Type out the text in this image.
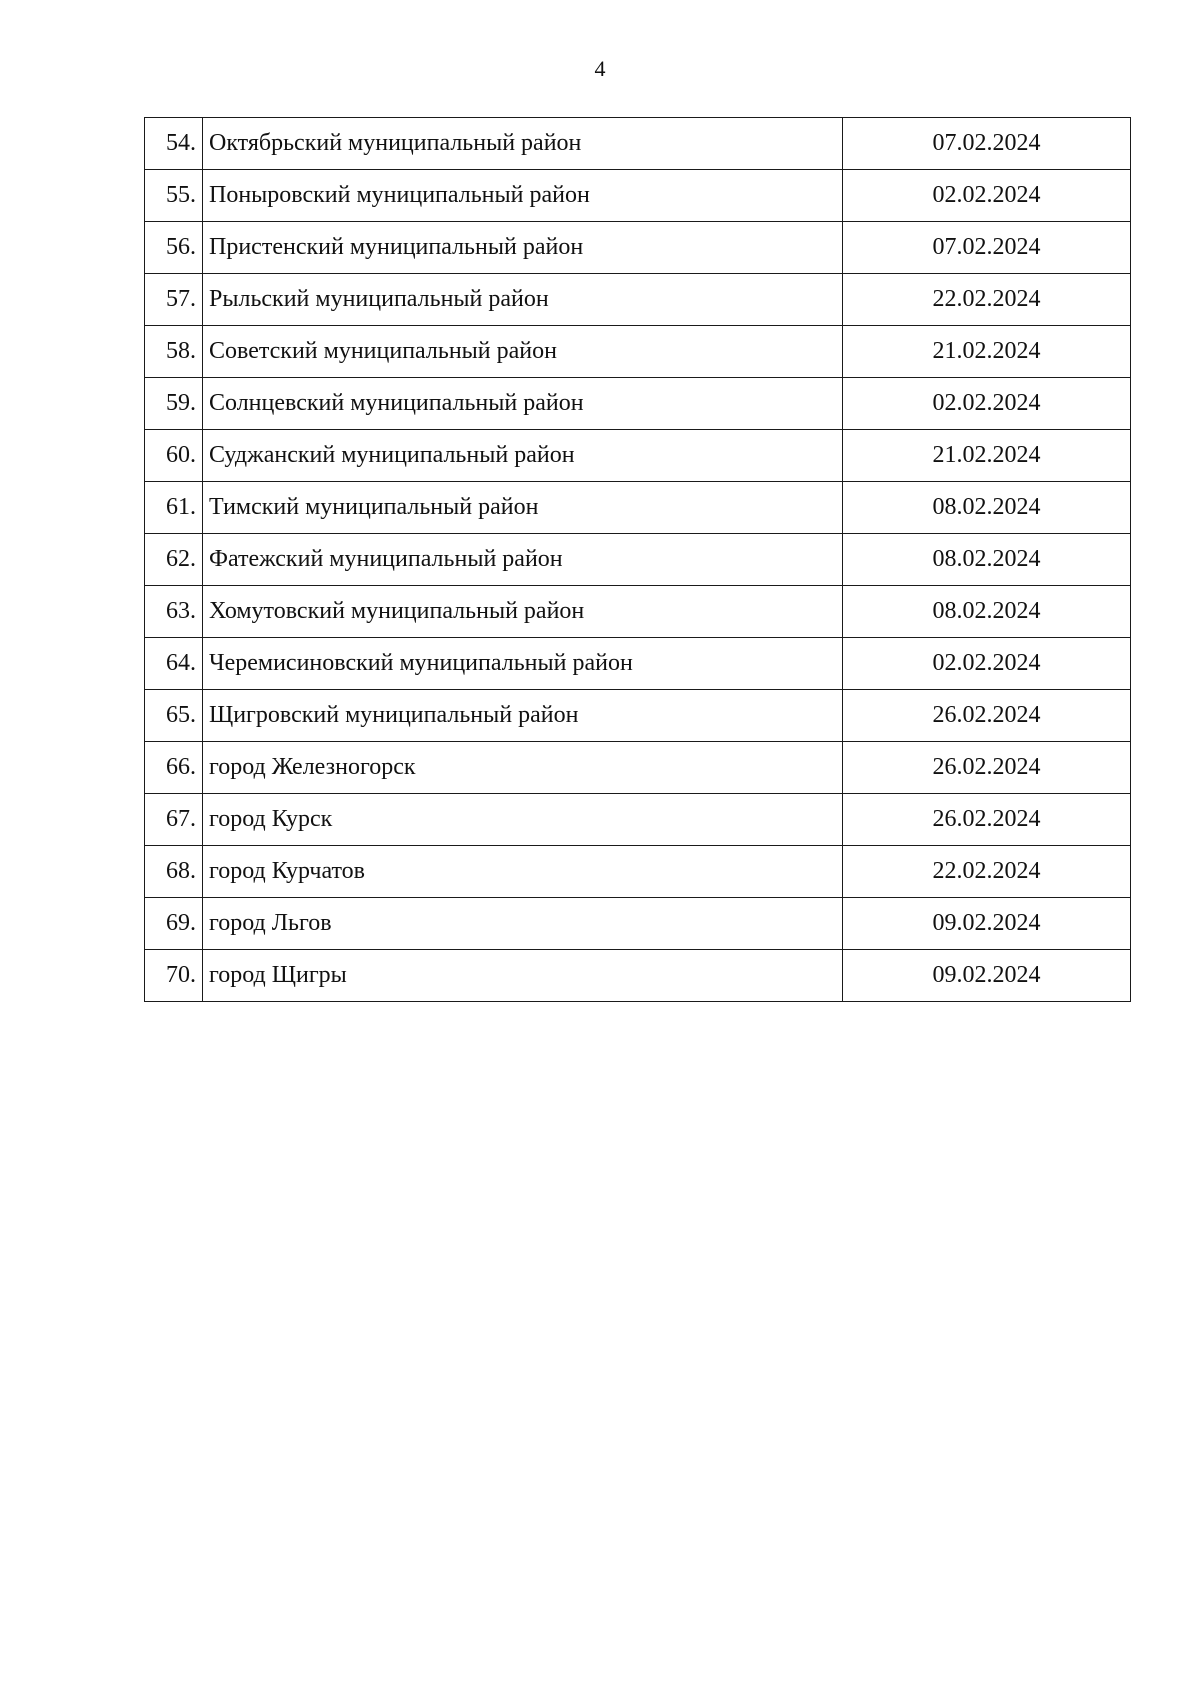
4
54.	Октябрьский муниципальный район	07.02.2024
55.	Поныровский муниципальный район	02.02.2024
56.	Пристенский муниципальный район	07.02.2024
57.	Рыльский муниципальный район	22.02.2024
58.	Советский муниципальный район	21.02.2024
59.	Солнцевский муниципальный район	02.02.2024
60.	Суджанский муниципальный район	21.02.2024
61.	Тимский муниципальный район	08.02.2024
62.	Фатежский муниципальный район	08.02.2024
63.	Хомутовский муниципальный район	08.02.2024
64.	Черемисиновский муниципальный район	02.02.2024
65.	Щигровский муниципальный район	26.02.2024
66.	город Железногорск	26.02.2024
67.	город Курск	26.02.2024
68.	город Курчатов	22.02.2024
69.	город Льгов	09.02.2024
70.	город Щигры	09.02.2024
